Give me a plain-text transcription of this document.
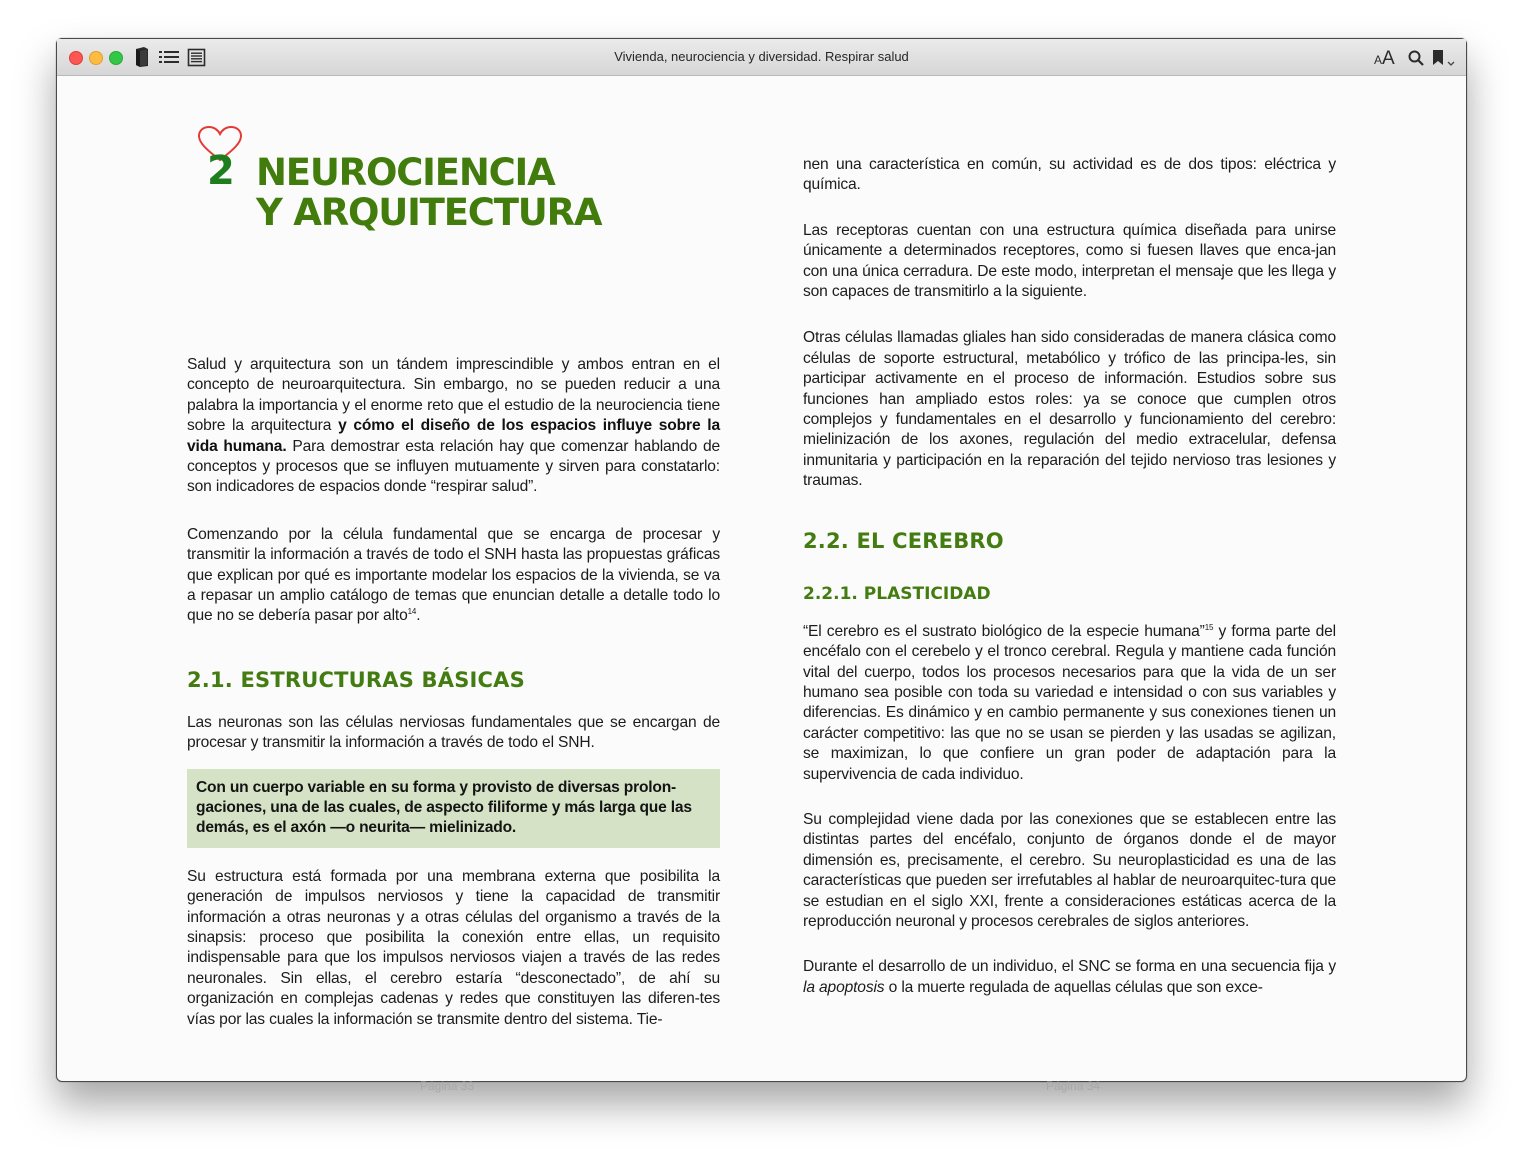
Vivienda, neurociencia y diversidad. Respirar salud	AA
2 NEUROCIENCIA
Y ARQUITECTURA

Salud y arquitectura son un tándem imprescindible y ambos entran en el concepto de neuroarquitectura. Sin embargo, no se pueden reducir a una palabra la importancia y el enorme reto que el estudio de la neurociencia tiene sobre la arquitectura y cómo el diseño de los espacios influye sobre la vida humana. Para demostrar esta relación hay que comenzar hablando de conceptos y procesos que se influyen mutuamente y sirven para constatarlo: son indicadores de espacios donde “respirar salud”.

Comenzando por la célula fundamental que se encarga de procesar y transmitir la información a través de todo el SNH hasta las propuestas gráficas que explican por qué es importante modelar los espacios de la vivienda, se va a repasar un amplio catálogo de temas que enuncian detalle a detalle todo lo que no se debería pasar por alto$^{14}$.

2.1. ESTRUCTURAS BÁSICAS

Las neuronas son las células nerviosas fundamentales que se encargan de procesar y transmitir la información a través de todo el SNH.

Con un cuerpo variable en su forma y provisto de diversas prolon-gaciones, una de las cuales, de aspecto filiforme y más larga que las demás, es el axón —o neurita— mielinizado.

Su estructura está formada por una membrana externa que posibilita la generación de impulsos nerviosos y tiene la capacidad de transmitir información a otras neuronas y a otras células del organismo a través de la sinapsis: proceso que posibilita la conexión entre ellas, un requisito indispensable para que los impulsos nerviosos viajen a través de las redes neuronales. Sin ellas, el cerebro estaría “desconectado”, de ahí su organización en complejas cadenas y redes que constituyen las diferen-tes vías por las cuales la información se transmite dentro del sistema. Tie-

nen una característica en común, su actividad es de dos tipos: eléctrica y química.

Las receptoras cuentan con una estructura química diseñada para unirse únicamente a determinados receptores, como si fuesen llaves que enca-jan con una única cerradura. De este modo, interpretan el mensaje que les llega y son capaces de transmitirlo a la siguiente.

Otras células llamadas gliales han sido consideradas de manera clásica como células de soporte estructural, metabólico y trófico de las principa-les, sin participar activamente en el proceso de información. Estudios sobre sus funciones han ampliado estos roles: ya se conoce que cumplen otros complejos y fundamentales en el desarrollo y funcionamiento del cerebro: mielinización de los axones, regulación del medio extracelular, defensa inmunitaria y participación en la reparación del tejido nervioso tras lesiones y traumas.

2.2. EL CEREBRO
2.2.1. PLASTICIDAD

“El cerebro es el sustrato biológico de la especie humana”$^{15}$ y forma parte del encéfalo con el cerebelo y el tronco cerebral. Regula y mantiene cada función vital del cuerpo, todos los procesos necesarios para que la vida de un ser humano sea posible con toda su variedad e intensidad o con sus variables y diferencias. Es dinámico y en cambio permanente y sus conexiones tienen un carácter competitivo: las que no se usan se pierden y las usadas se agilizan, se maximizan, lo que confiere un gran poder de adaptación para la supervivencia de cada individuo.

Su complejidad viene dada por las conexiones que se establecen entre las distintas partes del encéfalo, conjunto de órganos donde el de mayor dimensión es, precisamente, el cerebro. Su neuroplasticidad es una de las características que pueden ser irrefutables al hablar de neuroarquitec-tura que se estudian en el siglo XXI, frente a consideraciones estáticas acerca de la reproducción neuronal y procesos cerebrales de siglos anteriores.

Durante el desarrollo de un individuo, el SNC se forma en una secuencia fija y la apoptosis o la muerte regulada de aquellas células que son exce-

Página 33	Página 34
